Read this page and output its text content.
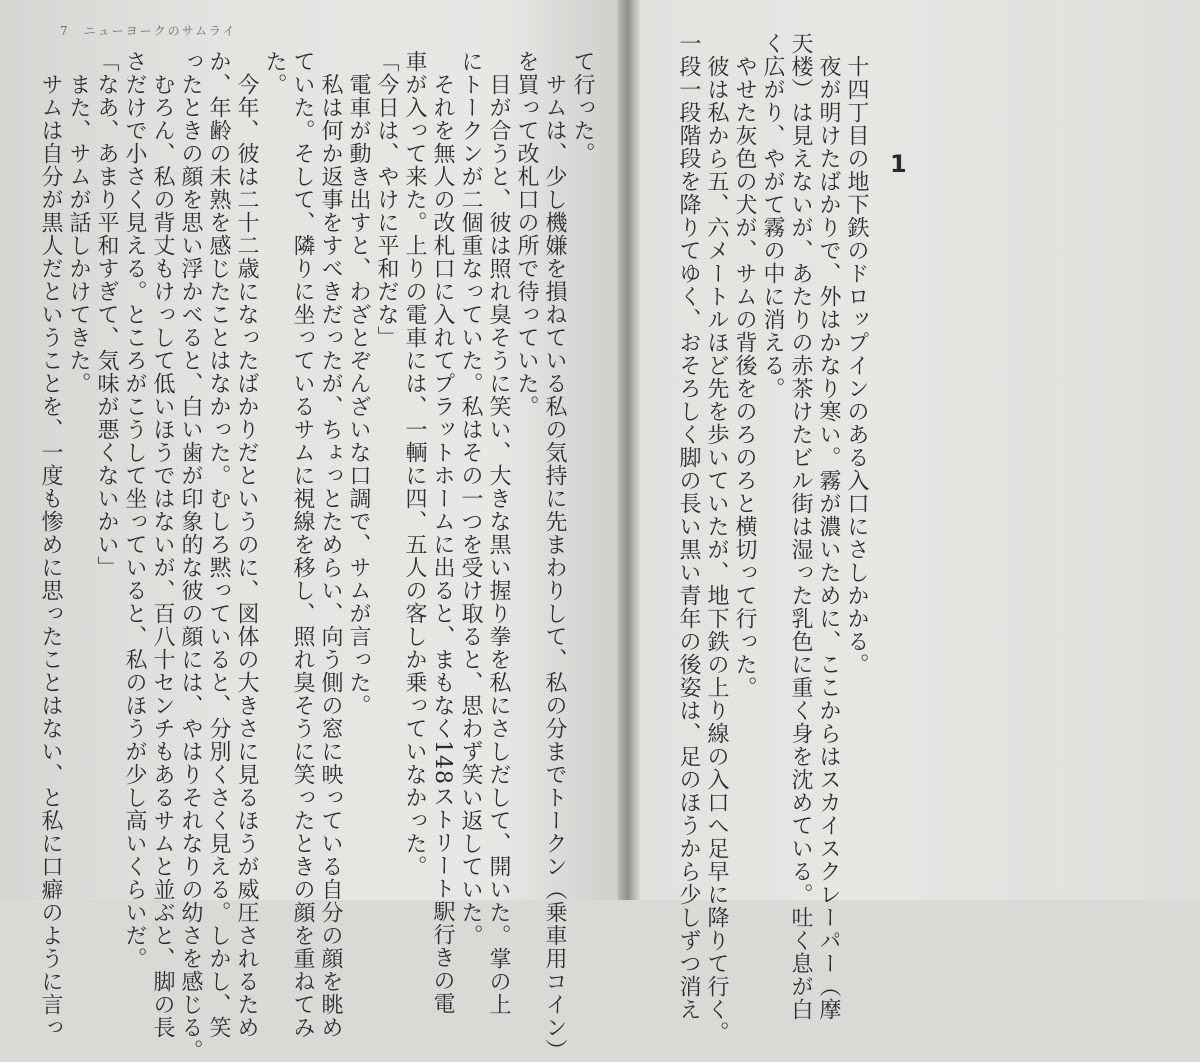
7　ニューヨークのサムライ
て行った。
　サムは、少し機嫌を損ねている私の気持に先まわりして、私の分までトークン（乗車用コイン）
を買って改札口の所で待っていた。
　目が合うと、彼は照れ臭そうに笑い、大きな黒い握り拳を私にさしだして、開いた。掌の上
にトークンが二個重なっていた。私はその一つを受け取ると、思わず笑い返していた。
　それを無人の改札口に入れてプラットホームに出ると、まもなく148ストリート駅行きの電
車が入って来た。上りの電車には、一輌に四、五人の客しか乗っていなかった。
「今日は、やけに平和だな」
　電車が動き出すと、わざとぞんざいな口調で、サムが言った。
　私は何か返事をすべきだったが、ちょっとためらい、向う側の窓に映っている自分の顔を眺め
ていた。そして、隣りに坐っているサムに視線を移し、照れ臭そうに笑ったときの顔を重ねてみ
た。
　今年、彼は二十二歳になったばかりだというのに、図体の大きさに見るほうが威圧されるため
か、年齢の未熟を感じたことはなかった。むしろ黙っていると、分別くさく見える。しかし、笑
ったときの顔を思い浮かべると、白い歯が印象的な彼の顔には、やはりそれなりの幼さを感じる。
　むろん、私の背丈もけっして低いほうではないが、百八十センチもあるサムと並ぶと、脚の長
さだけで小さく見える。ところがこうして坐っていると、私のほうが少し高いくらいだ。
「なあ、あまり平和すぎて、気味が悪くないかい」
　また、サムが話しかけてきた。
　サムは自分が黒人だということを、一度も惨めに思ったことはない、と私に口癖のように言っ	　十四丁目の地下鉄のドロップインのある入口にさしかかる。
　夜が明けたばかりで、外はかなり寒い。霧が濃いために、ここからはスカイスクレーパー（摩
天楼）は見えないが、あたりの赤茶けたビル街は湿った乳色に重く身を沈めている。吐く息が白
く広がり、やがて霧の中に消える。
　やせた灰色の犬が、サムの背後をのろのろと横切って行った。
　彼は私から五、六メートルほど先を歩いていたが、地下鉄の上り線の入口へ足早に降りて行く。
一段一段階段を降りてゆく、おそろしく脚の長い黒い青年の後姿は、足のほうから少しずつ消え	1
